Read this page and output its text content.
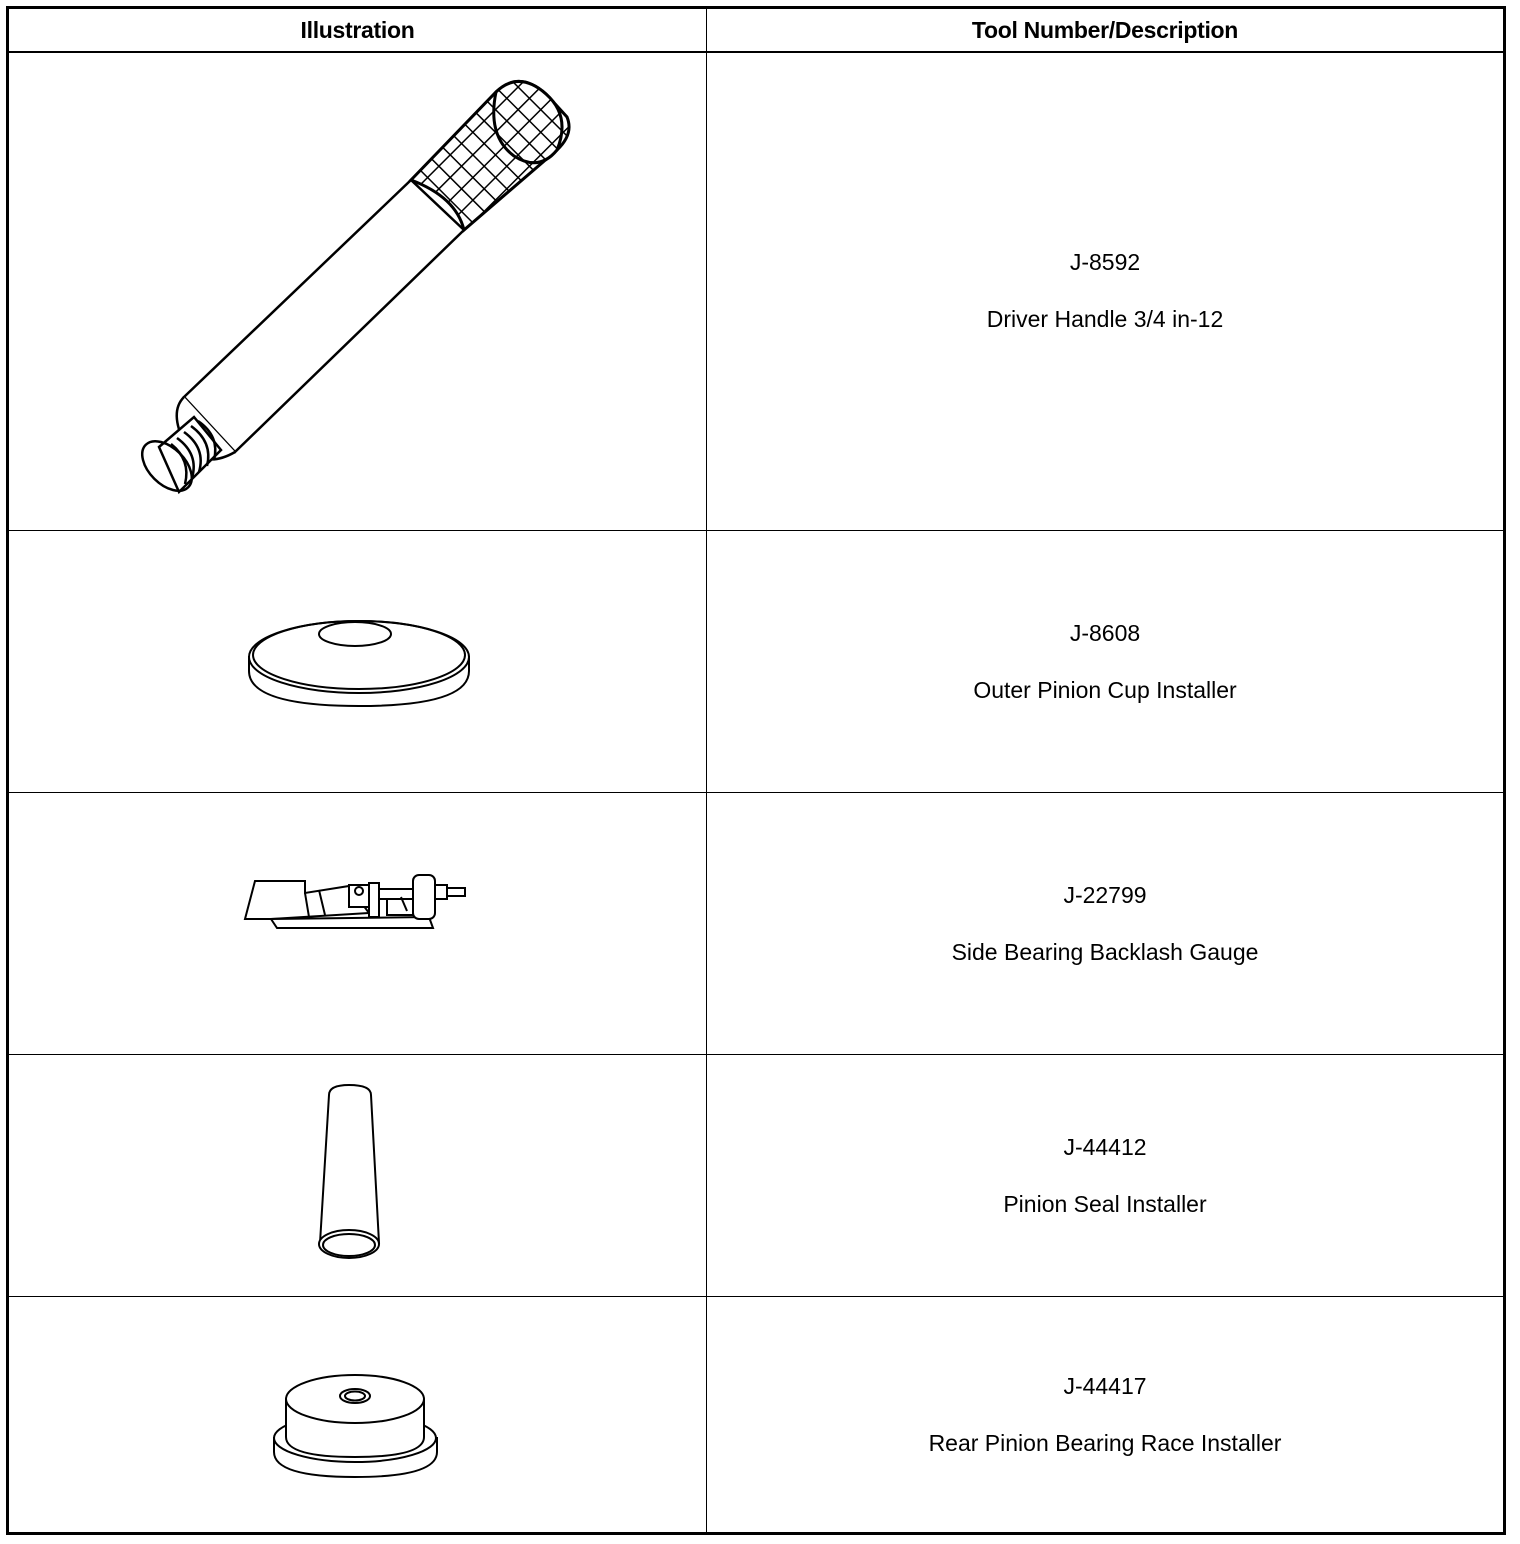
Illustration	Tool Number/Description
J-8592
Driver Handle 3/4 in-12
J-8608
Outer Pinion Cup Installer
J-22799
Side Bearing Backlash Gauge
J-44412
Pinion Seal Installer
J-44417
Rear Pinion Bearing Race Installer
